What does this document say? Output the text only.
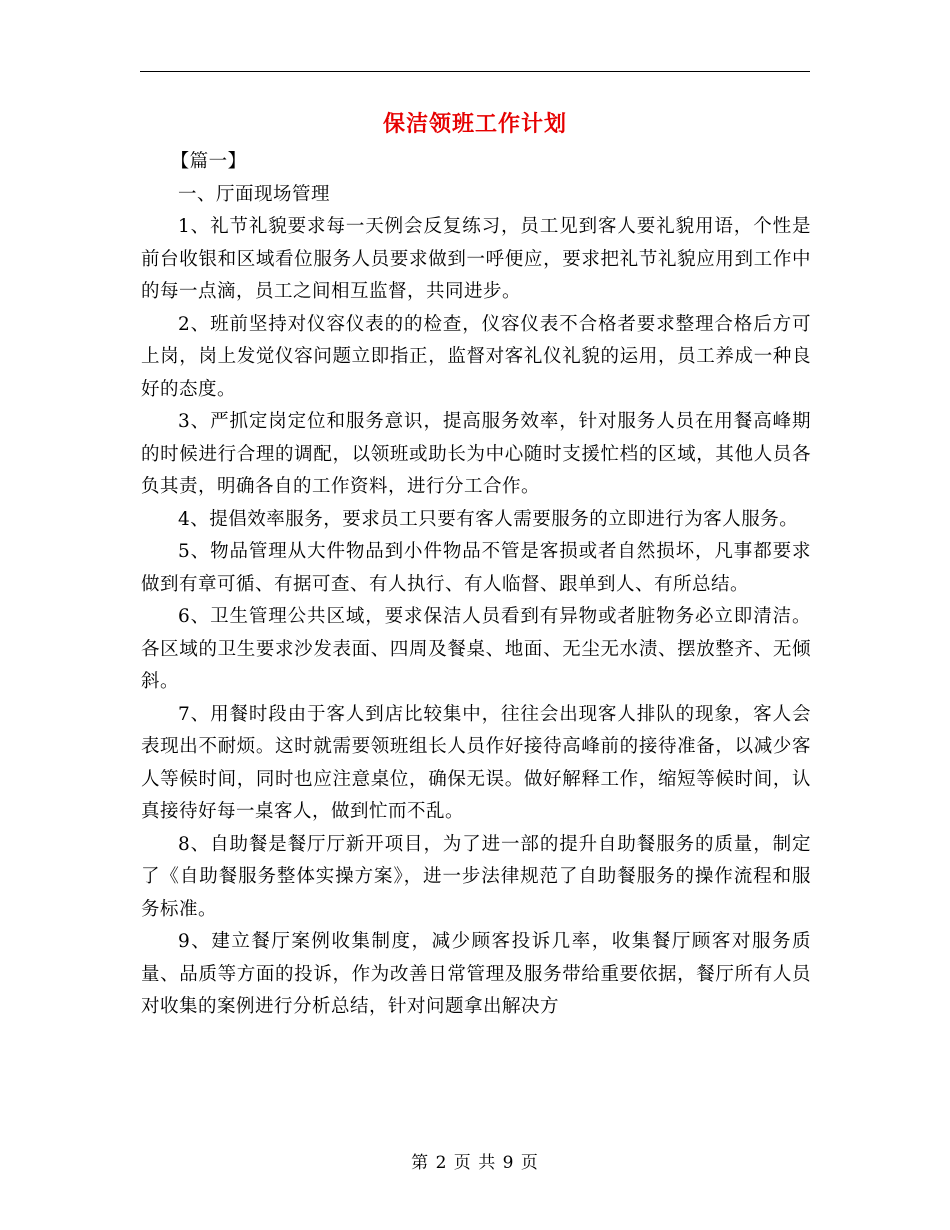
保洁领班工作计划

【篇一】

一、厅面现场管理

1、礼节礼貌要求每一天例会反复练习，员工见到客人要礼貌用语，个性是前台收银和区域看位服务人员要求做到一呼便应，要求把礼节礼貌应用到工作中的每一点滴，员工之间相互监督，共同进步。

2、班前坚持对仪容仪表的的检查，仪容仪表不合格者要求整理合格后方可上岗，岗上发觉仪容问题立即指正，监督对客礼仪礼貌的运用，员工养成一种良好的态度。

3、严抓定岗定位和服务意识，提高服务效率，针对服务人员在用餐高峰期的时候进行合理的调配，以领班或助长为中心随时支援忙档的区域，其他人员各负其责，明确各自的工作资料，进行分工合作。

4、提倡效率服务，要求员工只要有客人需要服务的立即进行为客人服务。

5、物品管理从大件物品到小件物品不管是客损或者自然损坏，凡事都要求做到有章可循、有据可查、有人执行、有人临督、跟单到人、有所总结。

6、卫生管理公共区域，要求保洁人员看到有异物或者脏物务必立即清洁。各区域的卫生要求沙发表面、四周及餐桌、地面、无尘无水渍、摆放整齐、无倾斜。

7、用餐时段由于客人到店比较集中，往往会出现客人排队的现象，客人会表现出不耐烦。这时就需要领班组长人员作好接待高峰前的接待准备，以减少客人等候时间，同时也应注意桌位，确保无误。做好解释工作，缩短等候时间，认真接待好每一桌客人，做到忙而不乱。

8、自助餐是餐厅厅新开项目，为了进一部的提升自助餐服务的质量，制定了《自助餐服务整体实操方案》，进一步法律规范了自助餐服务的操作流程和服务标准。

9、建立餐厅案例收集制度，减少顾客投诉几率，收集餐厅顾客对服务质量、品质等方面的投诉，作为改善日常管理及服务带给重要依据，餐厅所有人员对收集的案例进行分析总结，针对问题拿出解决方

第 2 页 共 9 页
